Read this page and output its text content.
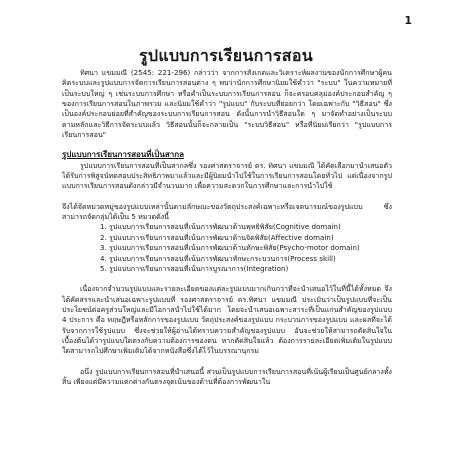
1
รูปแบบการเรียนการสอน

ทิศนา แขมมณี (2545: 221-296) กล่าวว่า จากการสังเกตและวิเคราะห์ผลงานของนักการศึกษาผู้คนคิดระบบและรูปแบบการจัดการเรียนการสอนต่าง ๆ พบว่านักการศึกษานิยมใช้คำว่า "ระบบ" ในความหมายที่เป็นระบบใหญ่ ๆ เช่นระบบการศึกษา หรือคำเป็นระบบการเรียนการสอน ก็จะครอบคลุมองค์ประกอบสำคัญ ๆ ของการเรียนการสอนในภาพรวม และนิยมใช้คำว่า "รูปแบบ" กับระบบที่ย่อยกว่า โดยเฉพาะกับ "วิธีสอน" ซึ่งเป็นองค์ประกอบย่อยที่สำคัญของระบบการเรียนการสอน ดังนั้นการนำวิธีสอนใด ๆ มาจัดทำอย่างเป็นระบบตามหลักและวิธีการจัดระบบแล้ว วิธีสอนนั้นก็จะกลายเป็น "ระบบวิธีสอน" หรือที่นิยมเรียกว่า "รูปแบบการเรียนการสอน"

รูปแบบการเรียนการสอนที่เป็นสากล

รูปแบบการเรียนการสอนที่เป็นสากลซึ่ง รองศาสตราจารย์ ดร. ทิศนา แขมมณี ได้คัดเลือกมานำเสนอตัวได้รับการพิสูจน์ทดสอบประสิทธิภาพมาแล้วและมีผู้นิยมนำไปใช้ในการเรียนการสอนโดยทั่วไป แต่เนื่องจากรูปแบบการเรียนการสอนดังกล่าวมีจำนวนมาก เพื่อความสะดวกในการศึกษาและการนำไปใช้

จึงได้จัดหมวดหมู่ของรูปแบบเหล่านั้นตามลักษณะของวัตถุประสงค์เฉพาะหรือเจตนารมณ์ของรูปแบบ ซึ่งสามารถจัดกลุ่มได้เป็น 5 หมวดดังนี้

1. รูปแบบการเรียนการสอนที่เน้นการพัฒนาด้านพุทธิพิสัย(Cognitive domain)
2. รูปแบบการเรียนการสอนที่เน้นการพัฒนาด้านจิตพิสัย(Affective domain)
3. รูปแบบการเรียนการสอนที่เน้นการพัฒนาด้านทักษะพิสัย(Psycho-motor domain)
4. รูปแบบการเรียนการสอนที่เน้นการพัฒนาทักษะกระบวนการ(Process skill)
5. รูปแบบการเรียนการสอนที่เน้นการบูรณาการ(Integration)

เนื่องจากจำนวนรูปแบบและรายละเอียดของแต่ละรูปแบบมากเกินกว่าที่จะนำเสนอไว้ในที่นี้ได้ทั้งหมด จึงได้คัดสรรและนำเสนอเฉพาะรูปแบบที่ รองศาสตราจารย์ ดร.ทิศนา แขมมณี ประเมินว่าเป็นรูปแบบที่จะเป็นประโยชน์ต่อครูส่วนใหญ่และมีโอกาสนำไปใช้ได้มาก โดยจะนำเสนอเฉพาะสาระที่เป็นแก่นสำคัญของรูปแบบ 4 ประการ คือ ทฤษฎีหรือหลักการของรูปแบบ วัตถุประสงค์ของรูปแบบ กระบวนการของรูปแบบ และผลที่จะได้รับจากการใช้รูปแบบ ซึ่งจะช่วยให้ผู้อ่านได้ทราบความสำคัญของรูปแบบ อันจะช่วยให้สามารถตัดสินใจในเบื้องต้นได้ว่ารูปแบบใดตรงกับความต้องการของตน หากตัดสินใจแล้ว ต้องการรายละเอียดเพิ่มเติมในรูปแบบใดสามารถไปศึกษาเพิ่มเติมได้จากหนังสือซึ่งได้ไว้ในบรรณานุกรม

อนึ่ง รูปแบบการเรียนการสอนที่นำเสนอนี้ ส่วนเป็นรูปแบบการเรียนการสอนที่เน้นผู้เรียนเป็นศูนย์กลางทั้งสิ้น เพียงแต่มีความแตกต่างกันตรงจุดเน้นของด้านที่ต้องการพัฒนาใน
